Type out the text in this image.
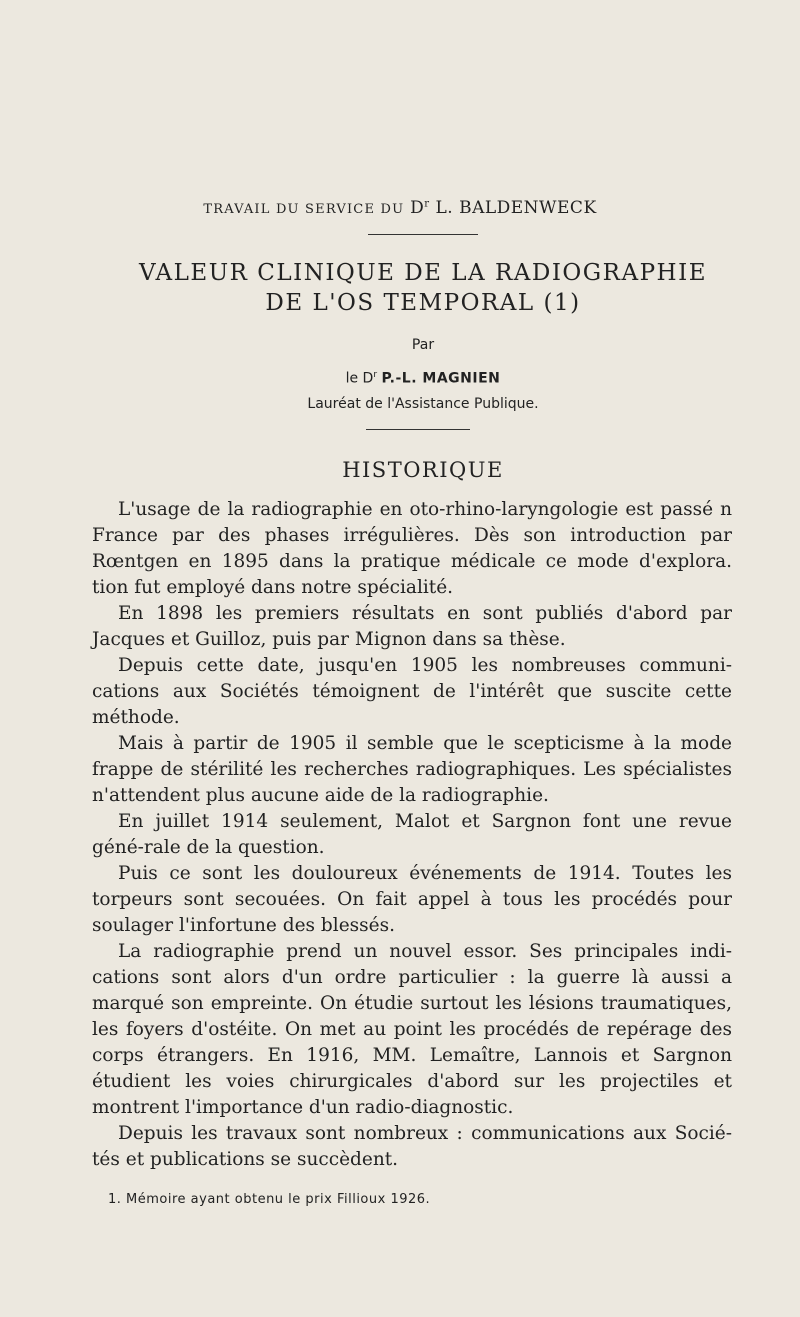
TRAVAIL DU SERVICE DU $D^r$ L. BALDENWECK
VALEUR CLINIQUE DE LA RADIOGRAPHIE
DE L'OS TEMPORAL (1)
Par
le $D^r$ P.-L. MAGNIEN
Lauréat de l'Assistance Publique.
HISTORIQUE

L'usage de la radiographie en oto-rhino-laryngologie est passé n France par des phases irrégulières. Dès son introduction par Rœntgen en 1895 dans la pratique médicale ce mode d'explora. tion fut employé dans notre spécialité.

En 1898 les premiers résultats en sont publiés d'abord par Jacques et Guilloz, puis par Mignon dans sa thèse.

Depuis cette date, jusqu'en 1905 les nombreuses communi-cations aux Sociétés témoignent de l'intérêt que suscite cette méthode.

Mais à partir de 1905 il semble que le scepticisme à la mode frappe de stérilité les recherches radiographiques. Les spécialistes n'attendent plus aucune aide de la radiographie.

En juillet 1914 seulement, Malot et Sargnon font une revue géné-rale de la question.

Puis ce sont les douloureux événements de 1914. Toutes les torpeurs sont secouées. On fait appel à tous les procédés pour soulager l'infortune des blessés.

La radiographie prend un nouvel essor. Ses principales indi-cations sont alors d'un ordre particulier : la guerre là aussi a marqué son empreinte. On étudie surtout les lésions traumatiques, les foyers d'ostéite. On met au point les procédés de repérage des corps étrangers. En 1916, MM. Lemaître, Lannois et Sargnon étudient les voies chirurgicales d'abord sur les projectiles et montrent l'importance d'un radio-diagnostic.

Depuis les travaux sont nombreux : communications aux Socié-tés et publications se succèdent.

1. Mémoire ayant obtenu le prix Fillioux 1926.
